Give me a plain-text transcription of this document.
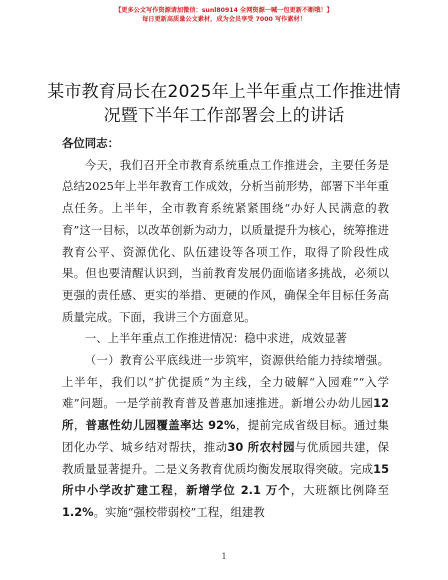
【更多公文写作资源请加微信：sunl80914 全网资源一喊一包更新不断哦！】
每日更新高质量公文素材，成为会员享受 7000 写作素材！
某市教育局长在2025年上半年重点工作推进情况暨下半年工作部署会上的讲话
各位同志：

今天，我们召开全市教育系统重点工作推进会，主要任务是总结2025年上半年教育工作成效，分析当前形势，部署下半年重点任务。上半年，全市教育系统紧紧围绕“办好人民满意的教育”这一目标，以改革创新为动力，以质量提升为核心，统筹推进教育公平、资源优化、队伍建设等各项工作，取得了阶段性成果。但也要清醒认识到，当前教育发展仍面临诸多挑战，必须以更强的责任感、更实的举措、更硬的作风，确保全年目标任务高质量完成。下面，我讲三个方面意见。

一、上半年重点工作推进情况：稳中求进，成效显著

（一）教育公平底线进一步筑牢，资源供给能力持续增强。上半年，我们以“扩优提质”为主线，全力破解“入园难”“入学难”问题。一是学前教育普及普惠加速推进。新增公办幼儿园12 所，普惠性幼儿园覆盖率达 92%，提前完成省级目标。通过集团化办学、城乡结对帮扶，推动30 所农村园与优质园共建，保教质量显著提升。二是义务教育优质均衡发展取得突破。完成15 所中小学改扩建工程，新增学位 2.1 万个，大班额比例降至1.2%。实施“强校带弱校”工程，组建教

1
